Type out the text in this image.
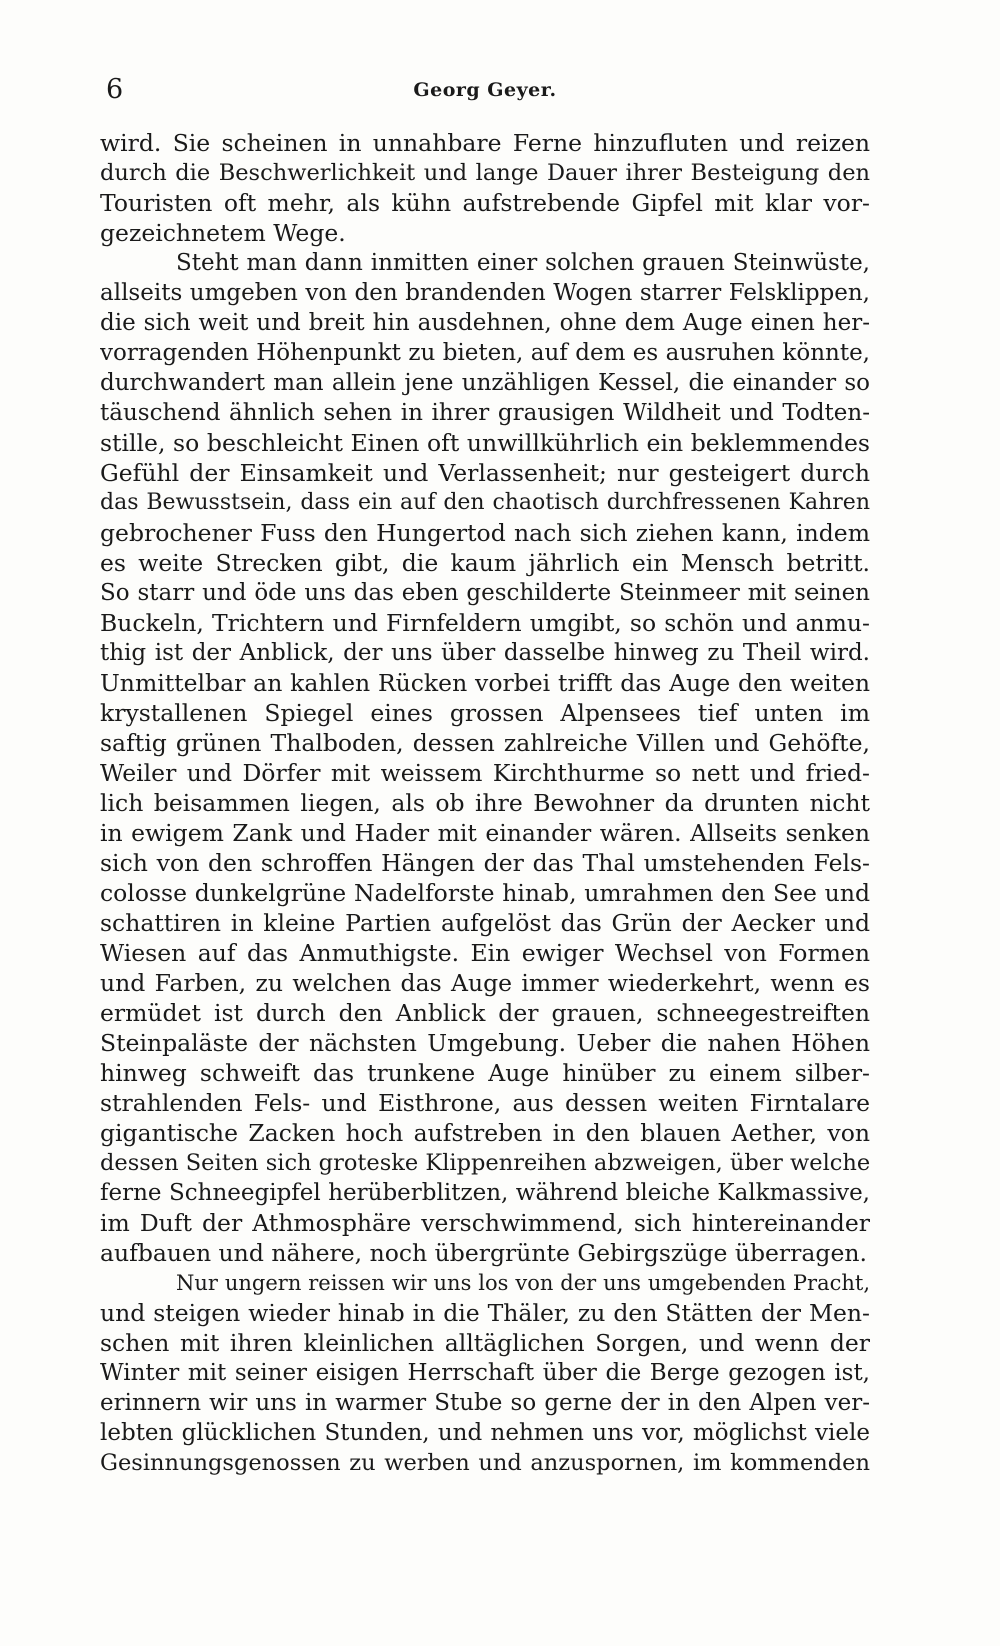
6	Georg Geyer.
wird. Sie scheinen in unnahbare Ferne hinzufluten und reizen
durch die Beschwerlichkeit und lange Dauer ihrer Besteigung den
Touristen oft mehr, als kühn aufstrebende Gipfel mit klar vor-
gezeichnetem Wege.
Steht man dann inmitten einer solchen grauen Steinwüste,
allseits umgeben von den brandenden Wogen starrer Felsklippen,
die sich weit und breit hin ausdehnen, ohne dem Auge einen her-
vorragenden Höhenpunkt zu bieten, auf dem es ausruhen könnte,
durchwandert man allein jene unzähligen Kessel, die einander so
täuschend ähnlich sehen in ihrer grausigen Wildheit und Todten-
stille, so beschleicht Einen oft unwillkührlich ein beklemmendes
Gefühl der Einsamkeit und Verlassenheit; nur gesteigert durch
das Bewusstsein, dass ein auf den chaotisch durchfressenen Kahren
gebrochener Fuss den Hungertod nach sich ziehen kann, indem
es weite Strecken gibt, die kaum jährlich ein Mensch betritt.
So starr und öde uns das eben geschilderte Steinmeer mit seinen
Buckeln, Trichtern und Firnfeldern umgibt, so schön und anmu-
thig ist der Anblick, der uns über dasselbe hinweg zu Theil wird.
Unmittelbar an kahlen Rücken vorbei trifft das Auge den weiten
krystallenen Spiegel eines grossen Alpensees tief unten im
saftig grünen Thalboden, dessen zahlreiche Villen und Gehöfte,
Weiler und Dörfer mit weissem Kirchthurme so nett und fried-
lich beisammen liegen, als ob ihre Bewohner da drunten nicht
in ewigem Zank und Hader mit einander wären. Allseits senken
sich von den schroffen Hängen der das Thal umstehenden Fels-
colosse dunkelgrüne Nadelforste hinab, umrahmen den See und
schattiren in kleine Partien aufgelöst das Grün der Aecker und
Wiesen auf das Anmuthigste. Ein ewiger Wechsel von Formen
und Farben, zu welchen das Auge immer wiederkehrt, wenn es
ermüdet ist durch den Anblick der grauen, schneegestreiften
Steinpaläste der nächsten Umgebung. Ueber die nahen Höhen
hinweg schweift das trunkene Auge hinüber zu einem silber-
strahlenden Fels- und Eisthrone, aus dessen weiten Firntalare
gigantische Zacken hoch aufstreben in den blauen Aether, von
dessen Seiten sich groteske Klippenreihen abzweigen, über welche
ferne Schneegipfel herüberblitzen, während bleiche Kalkmassive,
im Duft der Athmosphäre verschwimmend, sich hintereinander
aufbauen und nähere, noch übergrünte Gebirgszüge überragen.
Nur ungern reissen wir uns los von der uns umgebenden Pracht,
und steigen wieder hinab in die Thäler, zu den Stätten der Men-
schen mit ihren kleinlichen alltäglichen Sorgen, und wenn der
Winter mit seiner eisigen Herrschaft über die Berge gezogen ist,
erinnern wir uns in warmer Stube so gerne der in den Alpen ver-
lebten glücklichen Stunden, und nehmen uns vor, möglichst viele
Gesinnungsgenossen zu werben und anzuspornen, im kommenden
